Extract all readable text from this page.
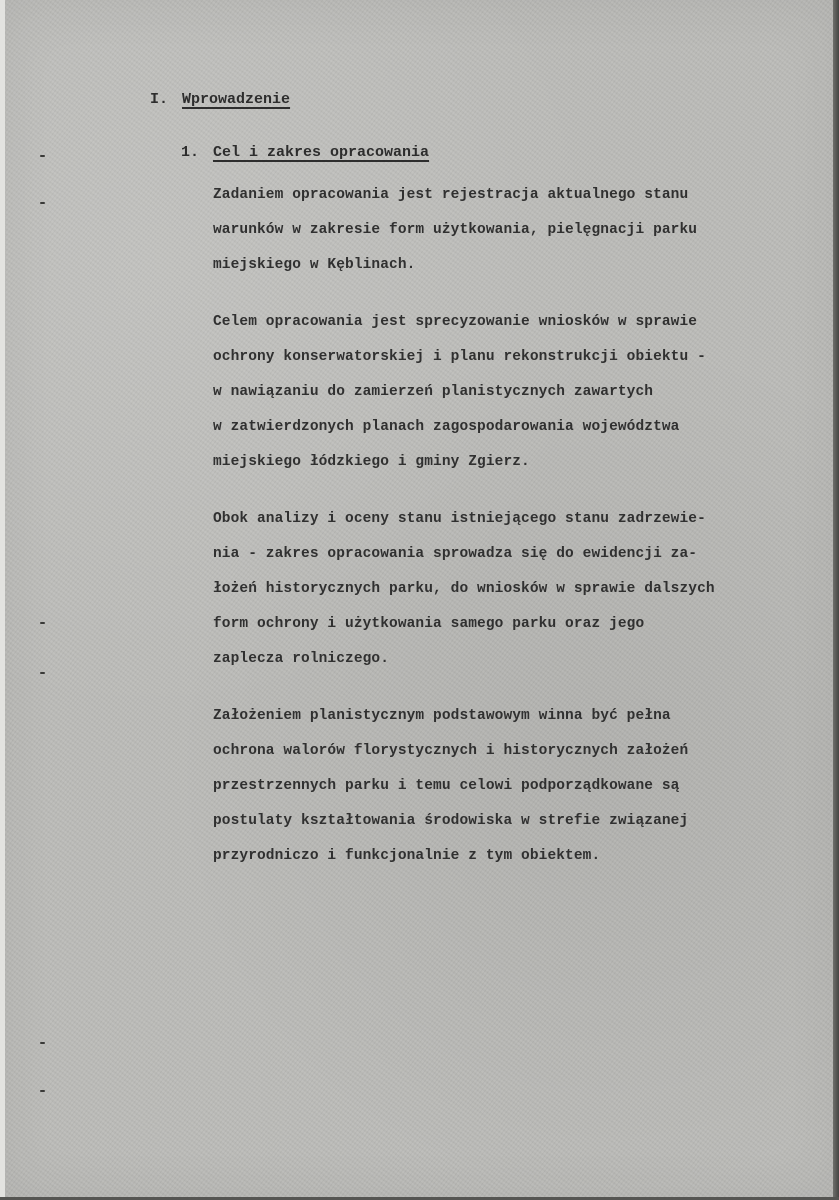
I. Wprowadzenie
1. Cel i zakres opracowania
Zadaniem opracowania jest rejestracja aktualnego stanu
warunków w zakresie form użytkowania, pielęgnacji parku
miejskiego w Kęblinach.
Celem opracowania jest sprecyzowanie wniosków w sprawie
ochrony konserwatorskiej i planu rekonstrukcji obiektu -
w nawiązaniu do zamierzeń planistycznych zawartych
w zatwierdzonych planach zagospodarowania województwa
miejskiego łódzkiego i gminy Zgierz.
Obok analizy i oceny stanu istniejącego stanu zadrzewie-
nia - zakres opracowania sprowadza się do ewidencji za-
łożeń historycznych parku, do wniosków w sprawie dalszych
form ochrony i użytkowania samego parku oraz jego
zaplecza rolniczego.
Założeniem planistycznym podstawowym winna być pełna
ochrona walorów florystycznych i historycznych założeń
przestrzennych parku i temu celowi podporządkowane są
postulaty kształtowania środowiska w strefie związanej
przyrodniczo i funkcjonalnie z tym obiektem.
